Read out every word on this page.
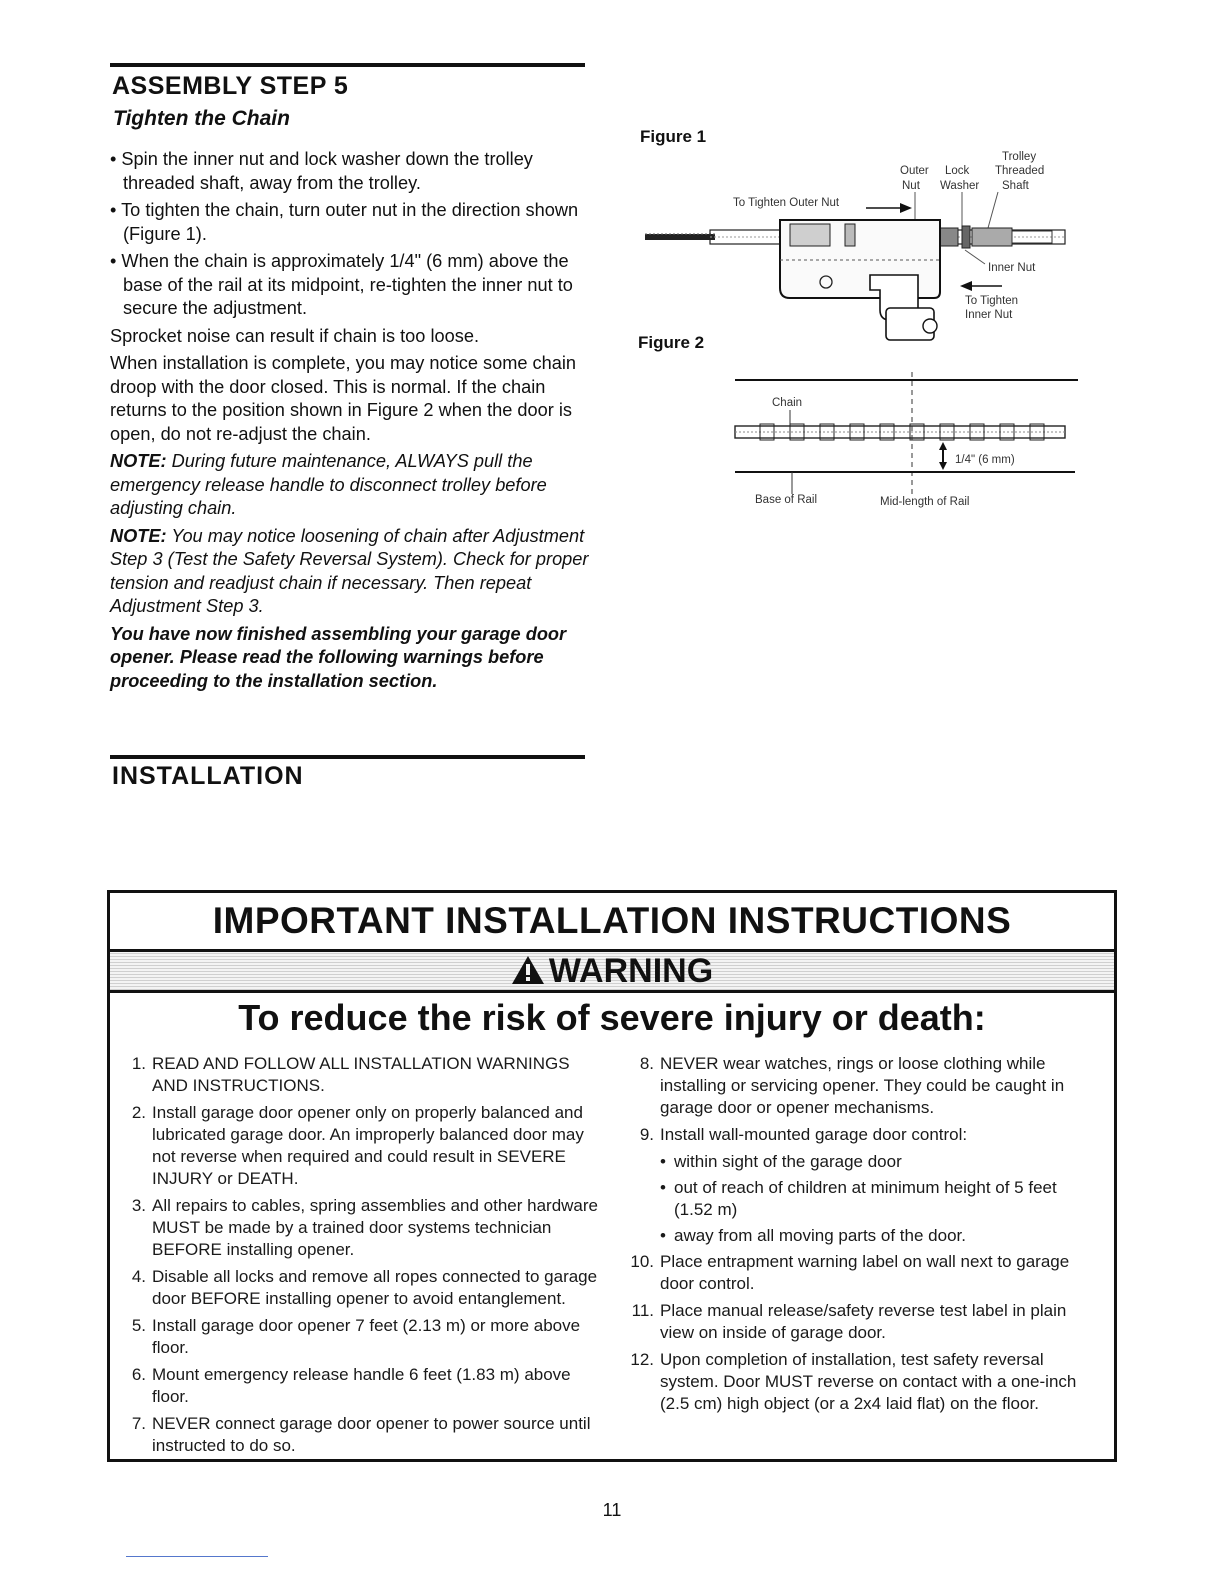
ASSEMBLY STEP 5
Tighten the Chain

• Spin the inner nut and lock washer down the trolley threaded shaft, away from the trolley.

• To tighten the chain, turn outer nut in the direction shown (Figure 1).

• When the chain is approximately 1/4" (6 mm) above the base of the rail at its midpoint, re-tighten the inner nut to secure the adjustment.

Sprocket noise can result if chain is too loose.

When installation is complete, you may notice some chain droop with the door closed. This is normal. If the chain returns to the position shown in Figure 2 when the door is open, do not re-adjust the chain.

NOTE: During future maintenance, ALWAYS pull the emergency release handle to disconnect trolley before adjusting chain.

NOTE: You may notice loosening of chain after Adjustment Step 3 (Test the Safety Reversal System). Check for proper tension and readjust chain if necessary. Then repeat Adjustment Step 3.

You have now finished assembling your garage door opener. Please read the following warnings before proceeding to the installation section.

Figure 1
Trolley
Threaded
Shaft
Outer
Nut
Lock
Washer
To Tighten Outer Nut
Inner Nut
To Tighten
Inner Nut
Figure 2
Chain
1/4" (6 mm)
Base of Rail	Mid-length of Rail
INSTALLATION
IMPORTANT INSTALLATION INSTRUCTIONS
WARNING
To reduce the risk of severe injury or death:
1. READ AND FOLLOW ALL INSTALLATION WARNINGS AND INSTRUCTIONS.
2. Install garage door opener only on properly balanced and lubricated garage door. An improperly balanced door may not reverse when required and could result in SEVERE INJURY or DEATH.
3. All repairs to cables, spring assemblies and other hardware MUST be made by a trained door systems technician BEFORE installing opener.
4. Disable all locks and remove all ropes connected to garage door BEFORE installing opener to avoid entanglement.
5. Install garage door opener 7 feet (2.13 m) or more above floor.
6. Mount emergency release handle 6 feet (1.83 m) above floor.
7. NEVER connect garage door opener to power source until instructed to do so.
8. NEVER wear watches, rings or loose clothing while installing or servicing opener. They could be caught in garage door or opener mechanisms.
9. Install wall-mounted garage door control:
• within sight of the garage door
• out of reach of children at minimum height of 5 feet (1.52 m)
• away from all moving parts of the door.
10. Place entrapment warning label on wall next to garage door control.
11. Place manual release/safety reverse test label in plain view on inside of garage door.
12. Upon completion of installation, test safety reversal system. Door MUST reverse on contact with a one-inch (2.5 cm) high object (or a 2x4 laid flat) on the floor.
11
